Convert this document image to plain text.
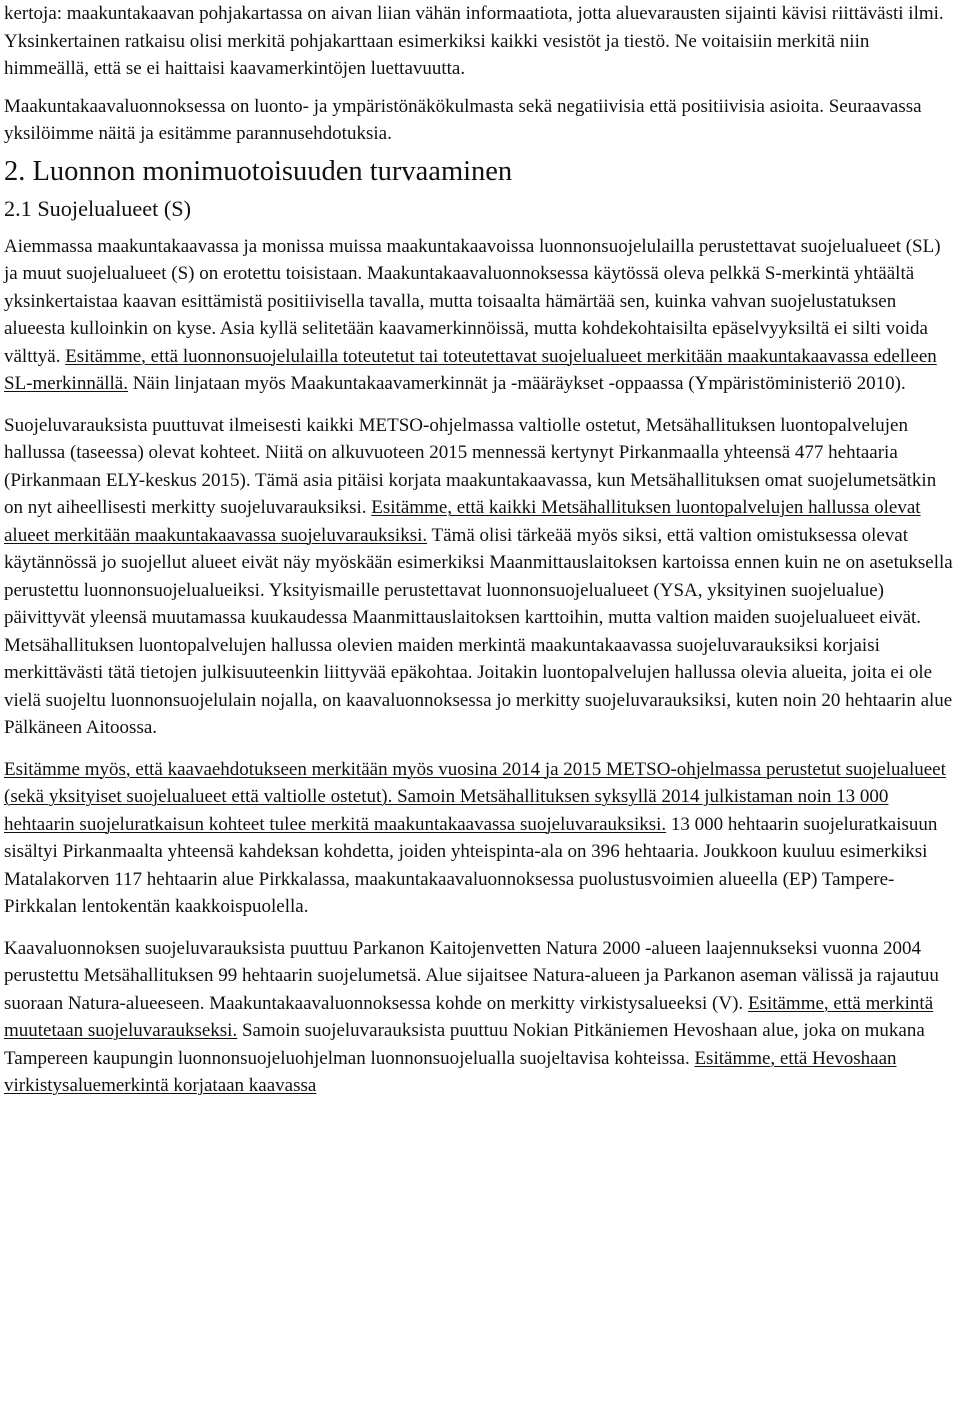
kertoja: maakuntakaavan pohjakartassa on aivan liian vähän informaatiota, jotta aluevarausten sijainti kävisi riittävästi ilmi. Yksinkertainen ratkaisu olisi merkitä pohjakarttaan esimerkiksi kaikki vesistöt ja tiestö. Ne voitaisiin merkitä niin himmeällä, että se ei haittaisi kaavamerkintöjen luettavuutta.

Maakuntakaavaluonnoksessa on luonto- ja ympäristönäkökulmasta sekä negatiivisia että positiivisia asioita. Seuraavassa yksilöimme näitä ja esitämme parannusehdotuksia.

2. Luonnon monimuotoisuuden turvaaminen
2.1 Suojelualueet (S)

Aiemmassa maakuntakaavassa ja monissa muissa maakuntakaavoissa luonnonsuojelulailla perustettavat suojelualueet (SL) ja muut suojelualueet (S) on erotettu toisistaan. Maakuntakaavaluonnoksessa käytössä oleva pelkkä S-merkintä yhtäältä yksinkertaistaa kaavan esittämistä positiivisella tavalla, mutta toisaalta hämärtää sen, kuinka vahvan suojelustatuksen alueesta kulloinkin on kyse. Asia kyllä selitetään kaavamerkinnöissä, mutta kohdekohtaisilta epäselvyyksiltä ei silti voida välttyä. Esitämme, että luonnonsuojelulailla toteutetut tai toteutettavat suojelualueet merkitään maakuntakaavassa edelleen SL-merkinnällä. Näin linjataan myös Maakuntakaavamerkinnät ja -määräykset -oppaassa (Ympäristöministeriö 2010).

Suojeluvarauksista puuttuvat ilmeisesti kaikki METSO-ohjelmassa valtiolle ostetut, Metsähallituksen luontopalvelujen hallussa (taseessa) olevat kohteet. Niitä on alkuvuoteen 2015 mennessä kertynyt Pirkanmaalla yhteensä 477 hehtaaria (Pirkanmaan ELY-keskus 2015). Tämä asia pitäisi korjata maakuntakaavassa, kun Metsähallituksen omat suojelumetsätkin on nyt aiheellisesti merkitty suojeluvarauksiksi. Esitämme, että kaikki Metsähallituksen luontopalvelujen hallussa olevat alueet merkitään maakuntakaavassa suojeluvarauksiksi. Tämä olisi tärkeää myös siksi, että valtion omistuksessa olevat käytännössä jo suojellut alueet eivät näy myöskään esimerkiksi Maanmittauslaitoksen kartoissa ennen kuin ne on asetuksella perustettu luonnonsuojelualueiksi. Yksityismaille perustettavat luonnonsuojelualueet (YSA, yksityinen suojelualue) päivittyvät yleensä muutamassa kuukaudessa Maanmittauslaitoksen karttoihin, mutta valtion maiden suojelualueet eivät. Metsähallituksen luontopalvelujen hallussa olevien maiden merkintä maakuntakaavassa suojeluvarauksiksi korjaisi merkittävästi tätä tietojen julkisuuteenkin liittyvää epäkohtaa. Joitakin luontopalvelujen hallussa olevia alueita, joita ei ole vielä suojeltu luonnonsuojelulain nojalla, on kaavaluonnoksessa jo merkitty suojeluvarauksiksi, kuten noin 20 hehtaarin alue Pälkäneen Aitoossa.

Esitämme myös, että kaavaehdotukseen merkitään myös vuosina 2014 ja 2015 METSO-ohjelmassa perustetut suojelualueet (sekä yksityiset suojelualueet että valtiolle ostetut). Samoin Metsähallituksen syksyllä 2014 julkistaman noin 13 000 hehtaarin suojeluratkaisun kohteet tulee merkitä maakuntakaavassa suojeluvarauksiksi. 13 000 hehtaarin suojeluratkaisuun sisältyi Pirkanmaalta yhteensä kahdeksan kohdetta, joiden yhteispinta-ala on 396 hehtaaria. Joukkoon kuuluu esimerkiksi Matalakorven 117 hehtaarin alue Pirkkalassa, maakuntakaavaluonnoksessa puolustusvoimien alueella (EP) Tampere-Pirkkalan lentokentän kaakkoispuolella.

Kaavaluonnoksen suojeluvarauksista puuttuu Parkanon Kaitojenvetten Natura 2000 -alueen laajennukseksi vuonna 2004 perustettu Metsähallituksen 99 hehtaarin suojelumetsä. Alue sijaitsee Natura-alueen ja Parkanon aseman välissä ja rajautuu suoraan Natura-alueeseen. Maakuntakaavaluonnoksessa kohde on merkitty virkistysalueeksi (V). Esitämme, että merkintä muutetaan suojeluvaraukseksi. Samoin suojeluvarauksista puuttuu Nokian Pitkäniemen Hevoshaan alue, joka on mukana Tampereen kaupungin luonnonsuojeluohjelman luonnonsuojelualla suojeltavisa kohteissa. Esitämme, että Hevoshaan virkistysaluemerkintä korjataan kaavassa
